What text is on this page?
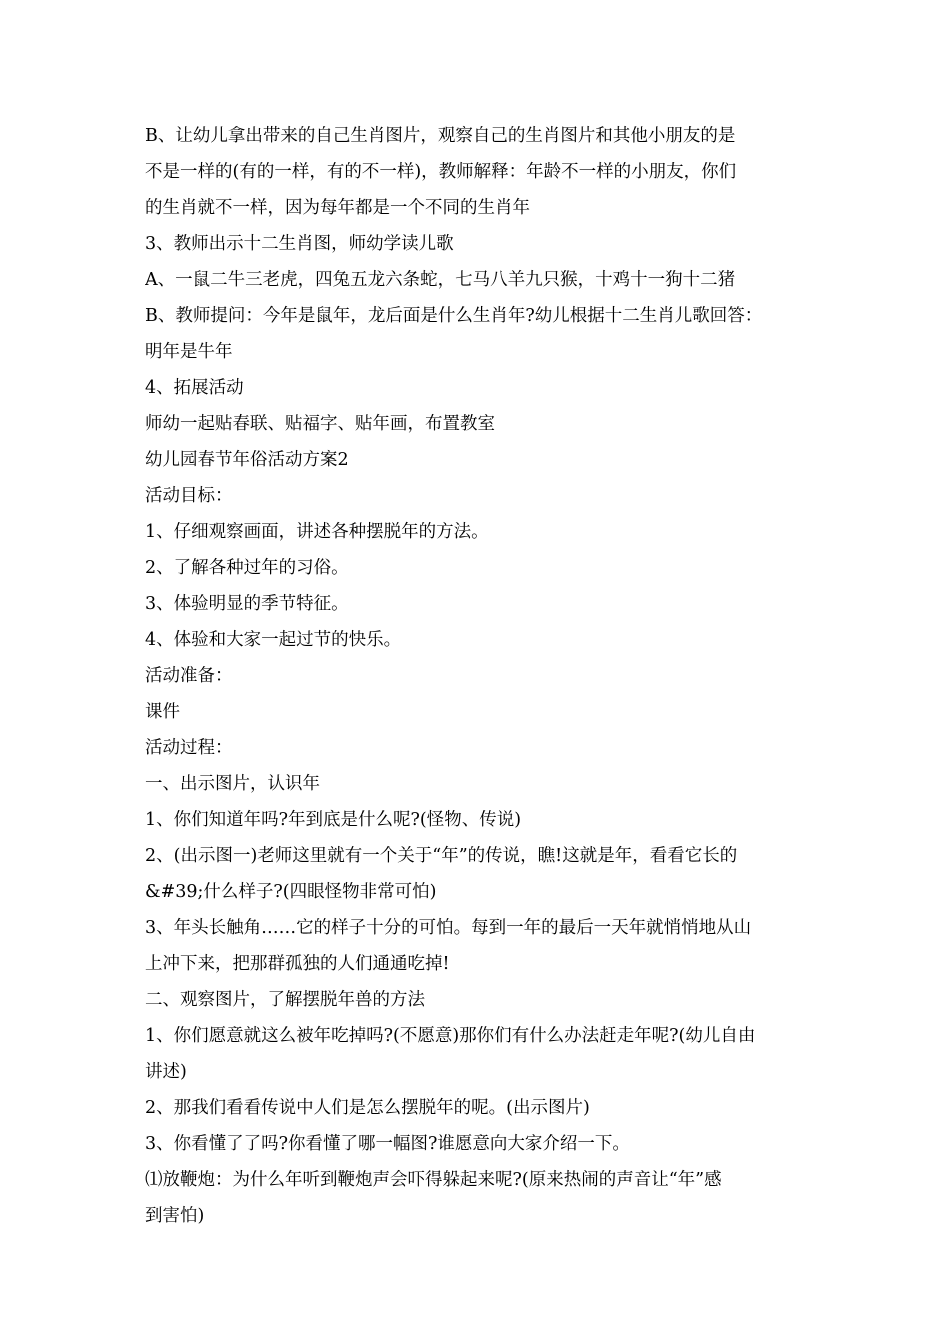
B、让幼儿拿出带来的自己生肖图片，观察自己的生肖图片和其他小朋友的是
不是一样的(有的一样，有的不一样)，教师解释：年龄不一样的小朋友，你们
的生肖就不一样，因为每年都是一个不同的生肖年
3、教师出示十二生肖图，师幼学读儿歌
A、一鼠二牛三老虎，四兔五龙六条蛇，七马八羊九只猴，十鸡十一狗十二猪
B、教师提问：今年是鼠年，龙后面是什么生肖年?幼儿根据十二生肖儿歌回答：
明年是牛年
4、拓展活动
师幼一起贴春联、贴福字、贴年画，布置教室
幼儿园春节年俗活动方案2
活动目标：
1、仔细观察画面，讲述各种摆脱年的方法。
2、了解各种过年的习俗。
3、体验明显的季节特征。
4、体验和大家一起过节的快乐。
活动准备：
课件
活动过程：
一、出示图片，认识年
1、你们知道年吗?年到底是什么呢?(怪物、传说)
2、(出示图一)老师这里就有一个关于“年”的传说，瞧!这就是年，看看它长的
&#39;什么样子?(四眼怪物非常可怕)
3、年头长触角……它的样子十分的可怕。每到一年的最后一天年就悄悄地从山
上冲下来，把那群孤独的人们通通吃掉!
二、观察图片，了解摆脱年兽的方法
1、你们愿意就这么被年吃掉吗?(不愿意)那你们有什么办法赶走年呢?(幼儿自由
讲述)
2、那我们看看传说中人们是怎么摆脱年的呢。(出示图片)
3、你看懂了了吗?你看懂了哪一幅图?谁愿意向大家介绍一下。
⑴放鞭炮：为什么年听到鞭炮声会吓得躲起来呢?(原来热闹的声音让“年”感
到害怕)
